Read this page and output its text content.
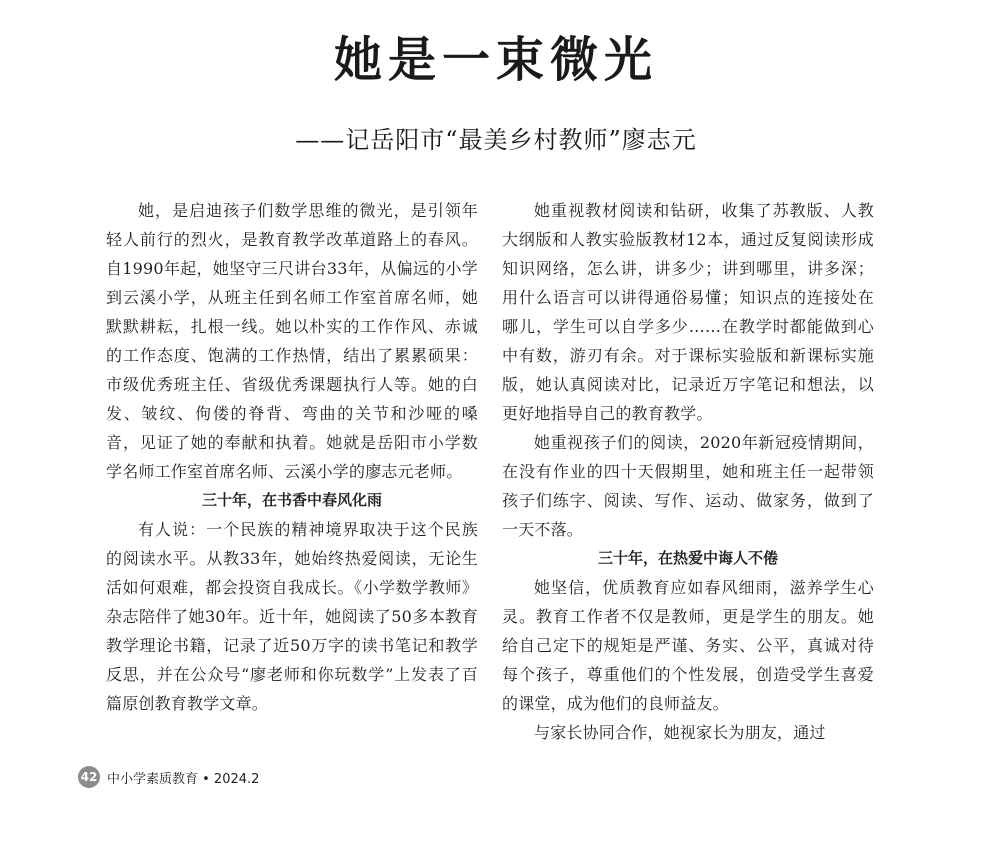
她是一束微光
——记岳阳市“最美乡村教师”廖志元

她，是启迪孩子们数学思维的微光，是引领年轻人前行的烈火，是教育教学改革道路上的春风。自1990年起，她坚守三尺讲台33年，从偏远的小学到云溪小学，从班主任到名师工作室首席名师，她默默耕耘，扎根一线。她以朴实的工作作风、赤诚的工作态度、饱满的工作热情，结出了累累硕果：市级优秀班主任、省级优秀课题执行人等。她的白发、皱纹、佝偻的脊背、弯曲的关节和沙哑的嗓音，见证了她的奉献和执着。她就是岳阳市小学数学名师工作室首席名师、云溪小学的廖志元老师。

三十年，在书香中春风化雨

有人说：一个民族的精神境界取决于这个民族的阅读水平。从教33年，她始终热爱阅读，无论生活如何艰难，都会投资自我成长。《小学数学教师》杂志陪伴了她30年。近十年，她阅读了50多本教育教学理论书籍，记录了近50万字的读书笔记和教学反思，并在公众号“廖老师和你玩数学”上发表了百篇原创教育教学文章。

她重视教材阅读和钻研，收集了苏教版、人教大纲版和人教实验版教材12本，通过反复阅读形成知识网络，怎么讲，讲多少；讲到哪里，讲多深；用什么语言可以讲得通俗易懂；知识点的连接处在哪儿，学生可以自学多少……在教学时都能做到心中有数，游刃有余。对于课标实验版和新课标实施版，她认真阅读对比，记录近万字笔记和想法，以更好地指导自己的教育教学。

她重视孩子们的阅读，2020年新冠疫情期间，在没有作业的四十天假期里，她和班主任一起带领孩子们练字、阅读、写作、运动、做家务，做到了一天不落。

三十年，在热爱中诲人不倦

她坚信，优质教育应如春风细雨，滋养学生心灵。教育工作者不仅是教师，更是学生的朋友。她给自己定下的规矩是严谨、务实、公平，真诚对待每个孩子，尊重他们的个性发展，创造受学生喜爱的课堂，成为他们的良师益友。

与家长协同合作，她视家长为朋友，通过

42 中小学素质教育 • 2024.2
